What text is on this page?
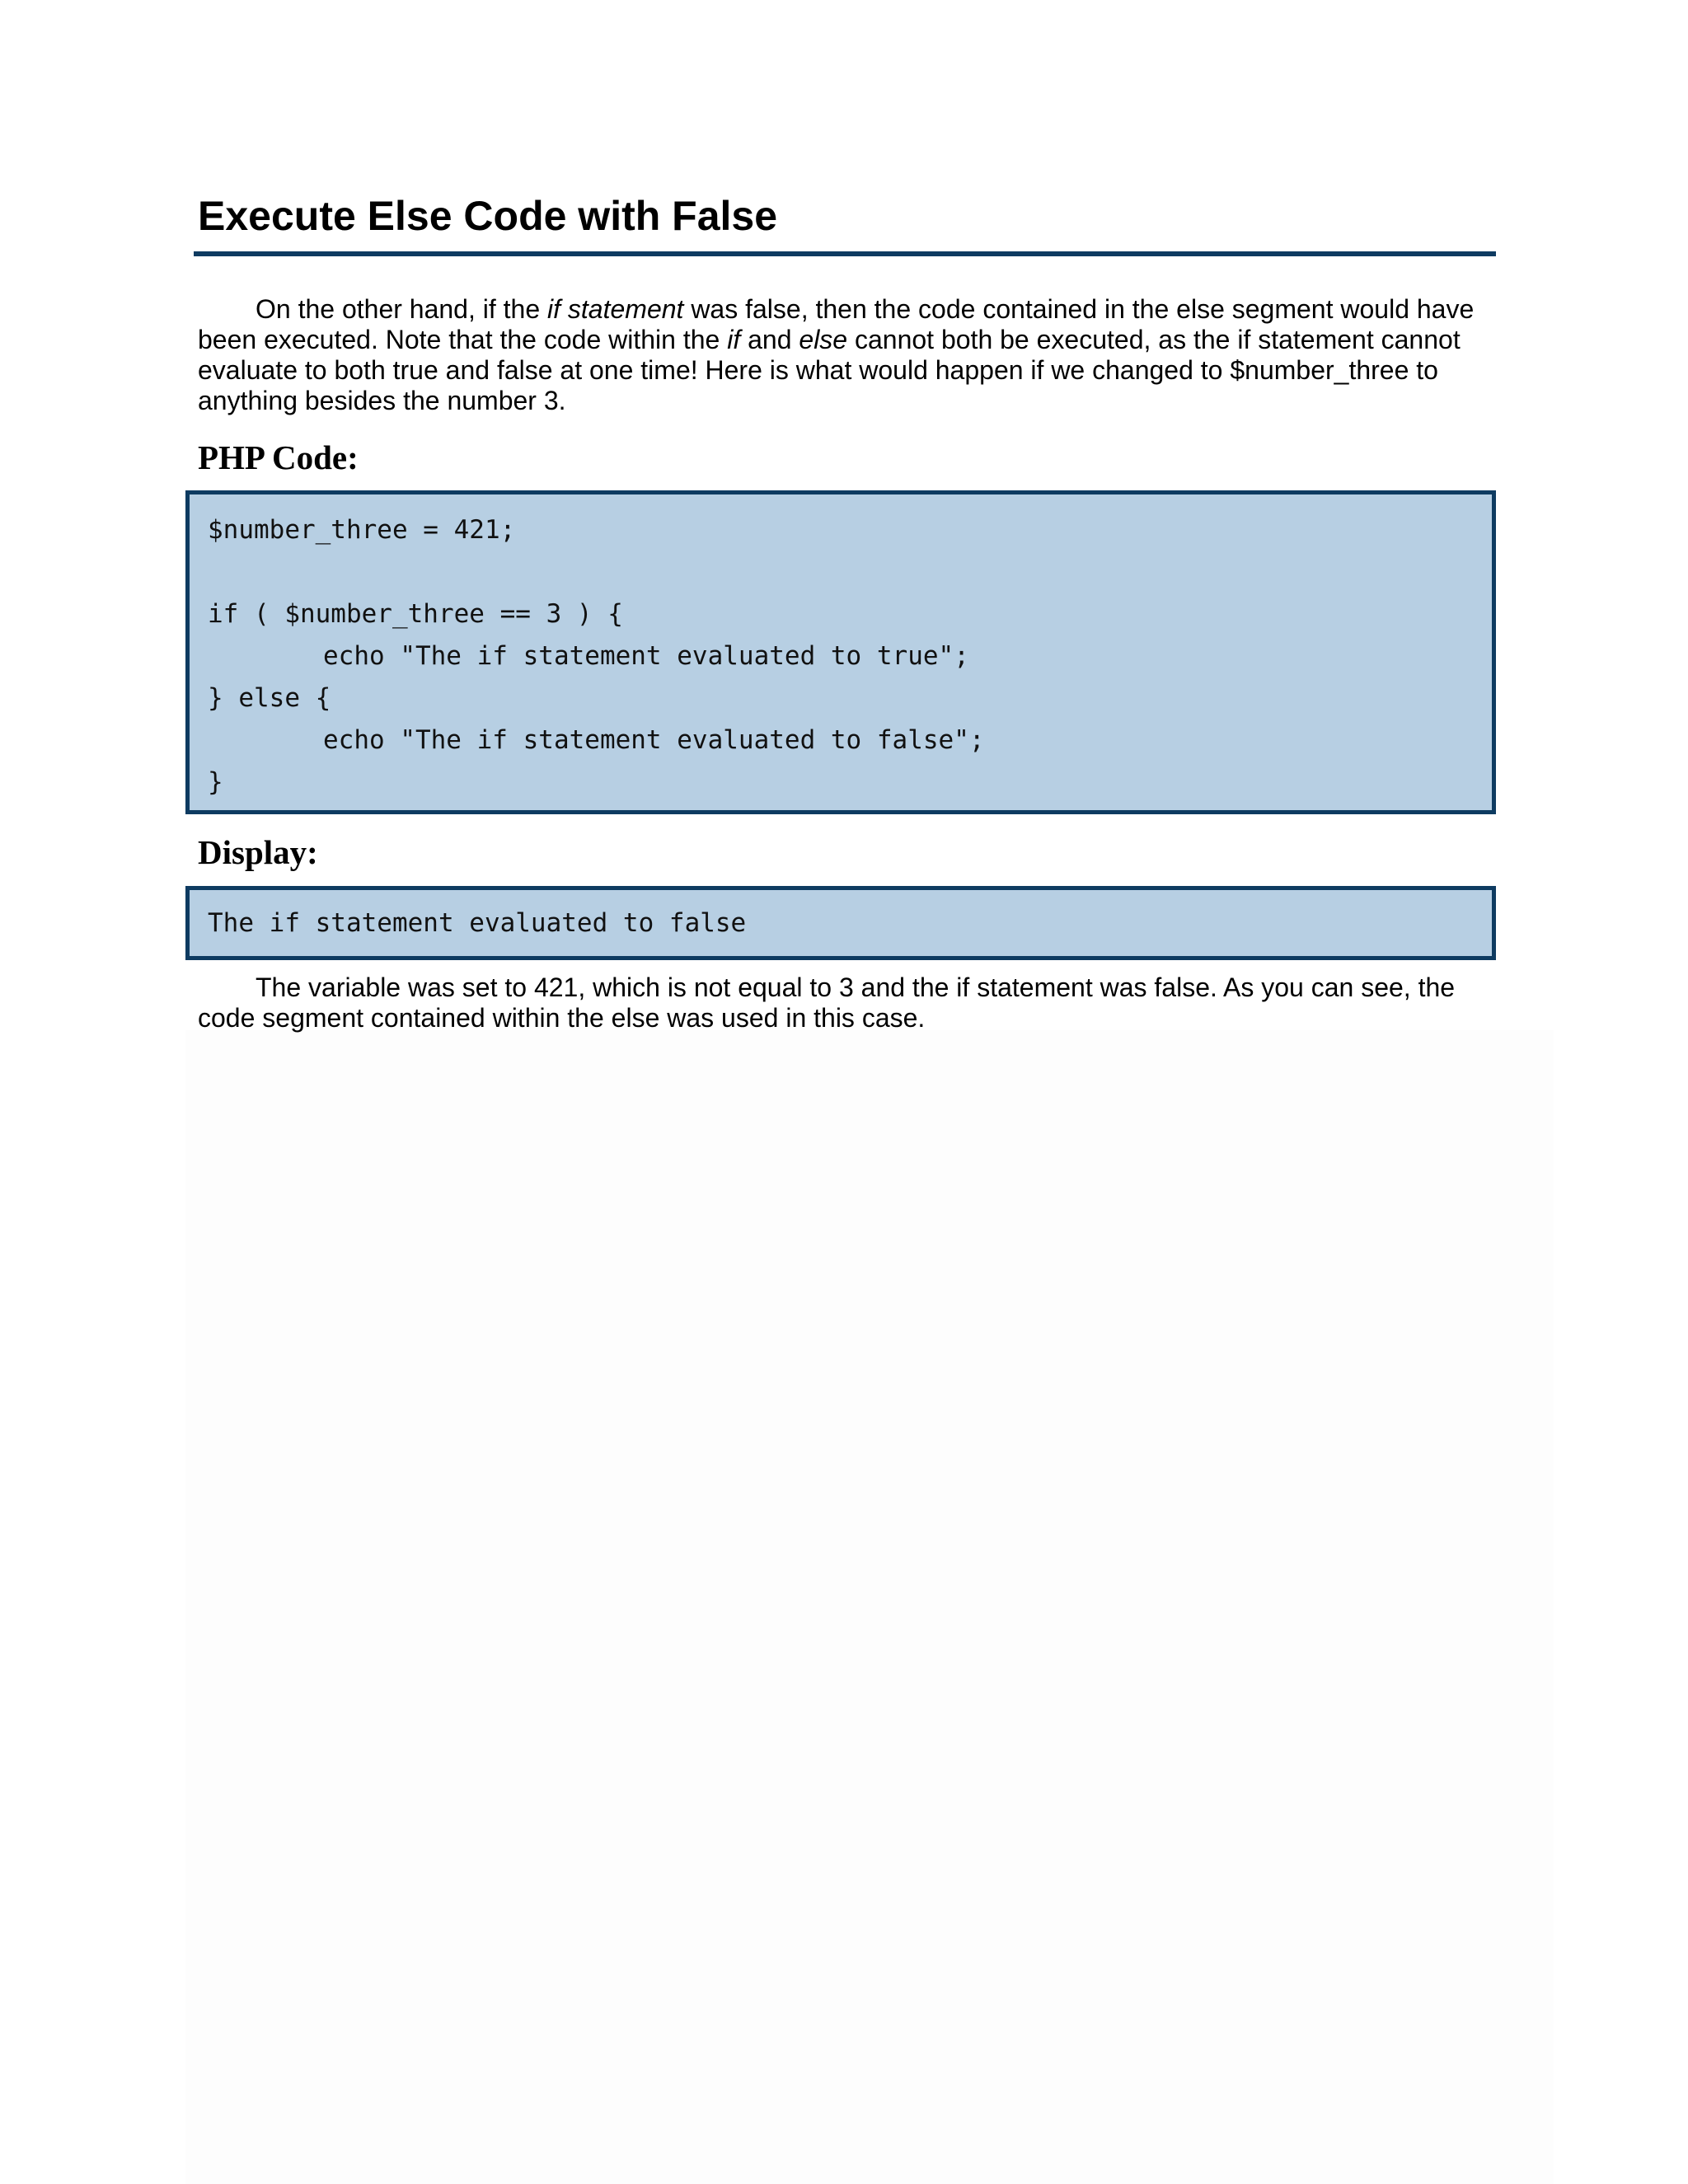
Execute Else Code with False

On the other hand, if the if statement was false, then the code contained in the else segment would have been executed. Note that the code within the if and else cannot both be executed, as the if statement cannot evaluate to both true and false at one time! Here is what would happen if we changed to $number_three to anything besides the number 3.

PHP Code:
$number_three = 421;
if ( $number_three == 3 ) {
echo "The if statement evaluated to true";
} else {
echo "The if statement evaluated to false";
}
Display:
The if statement evaluated to false

The variable was set to 421, which is not equal to 3 and the if statement was false. As you can see, the code segment contained within the else was used in this case.
